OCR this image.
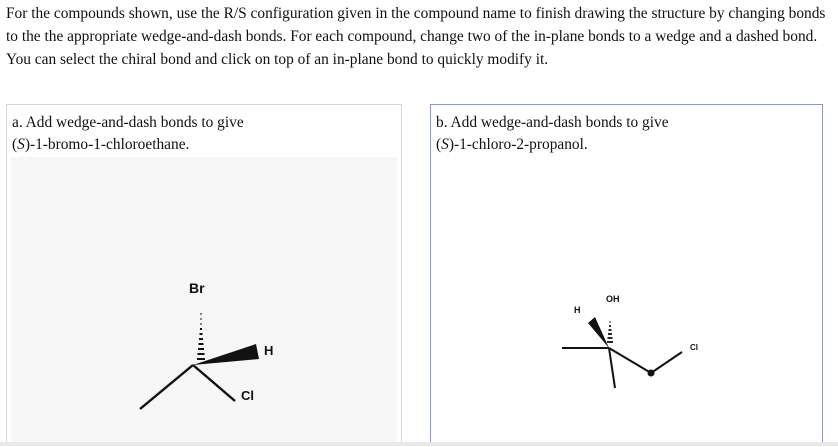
For the compounds shown, use the R/S configuration given in the compound name to finish drawing the structure by changing bonds to the the appropriate wedge-and-dash bonds. For each compound, change two of the in-plane bonds to a wedge and a dashed bond. You can select the chiral bond and click on top of an in-plane bond to quickly modify it.
a. Add wedge-and-dash bonds to give
(S)-1-bromo-1-chloroethane.
Br
H
Cl
b. Add wedge-and-dash bonds to give
(S)-1-chloro-2-propanol.
OH
H
Cl
